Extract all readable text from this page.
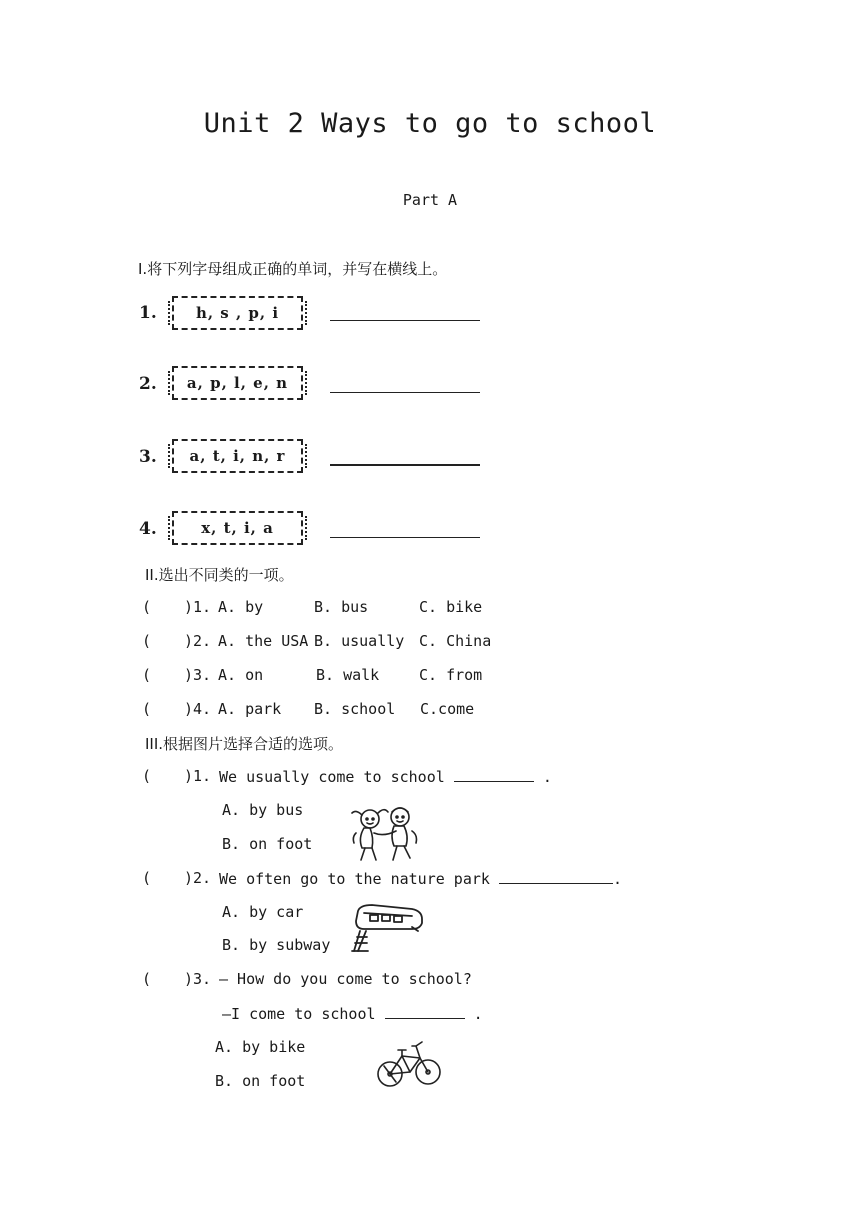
Unit 2 Ways to go to school
Part A
I.将下列字母组成正确的单词，并写在横线上。
1.	h, s , p, i
2.	a, p, l, e, n
3.	a, t, i, n, r
4.	x, t, i, a
II.选出不同类的一项。
( )1. A. by	B. bus	C. bike
( )2. A. the USA B. usually C. China
( )3. A. on	B. walk	C. from
( )4. A. park B. school C.come
III.根据图片选择合适的选项。
( )1. We usually come to school	.
A. by bus
B. on foot
( )2. We often go to the nature park	.
A. by car
B. by subway
( )3. — How do you come to school?
—I come to school	.
A. by bike
B. on foot
